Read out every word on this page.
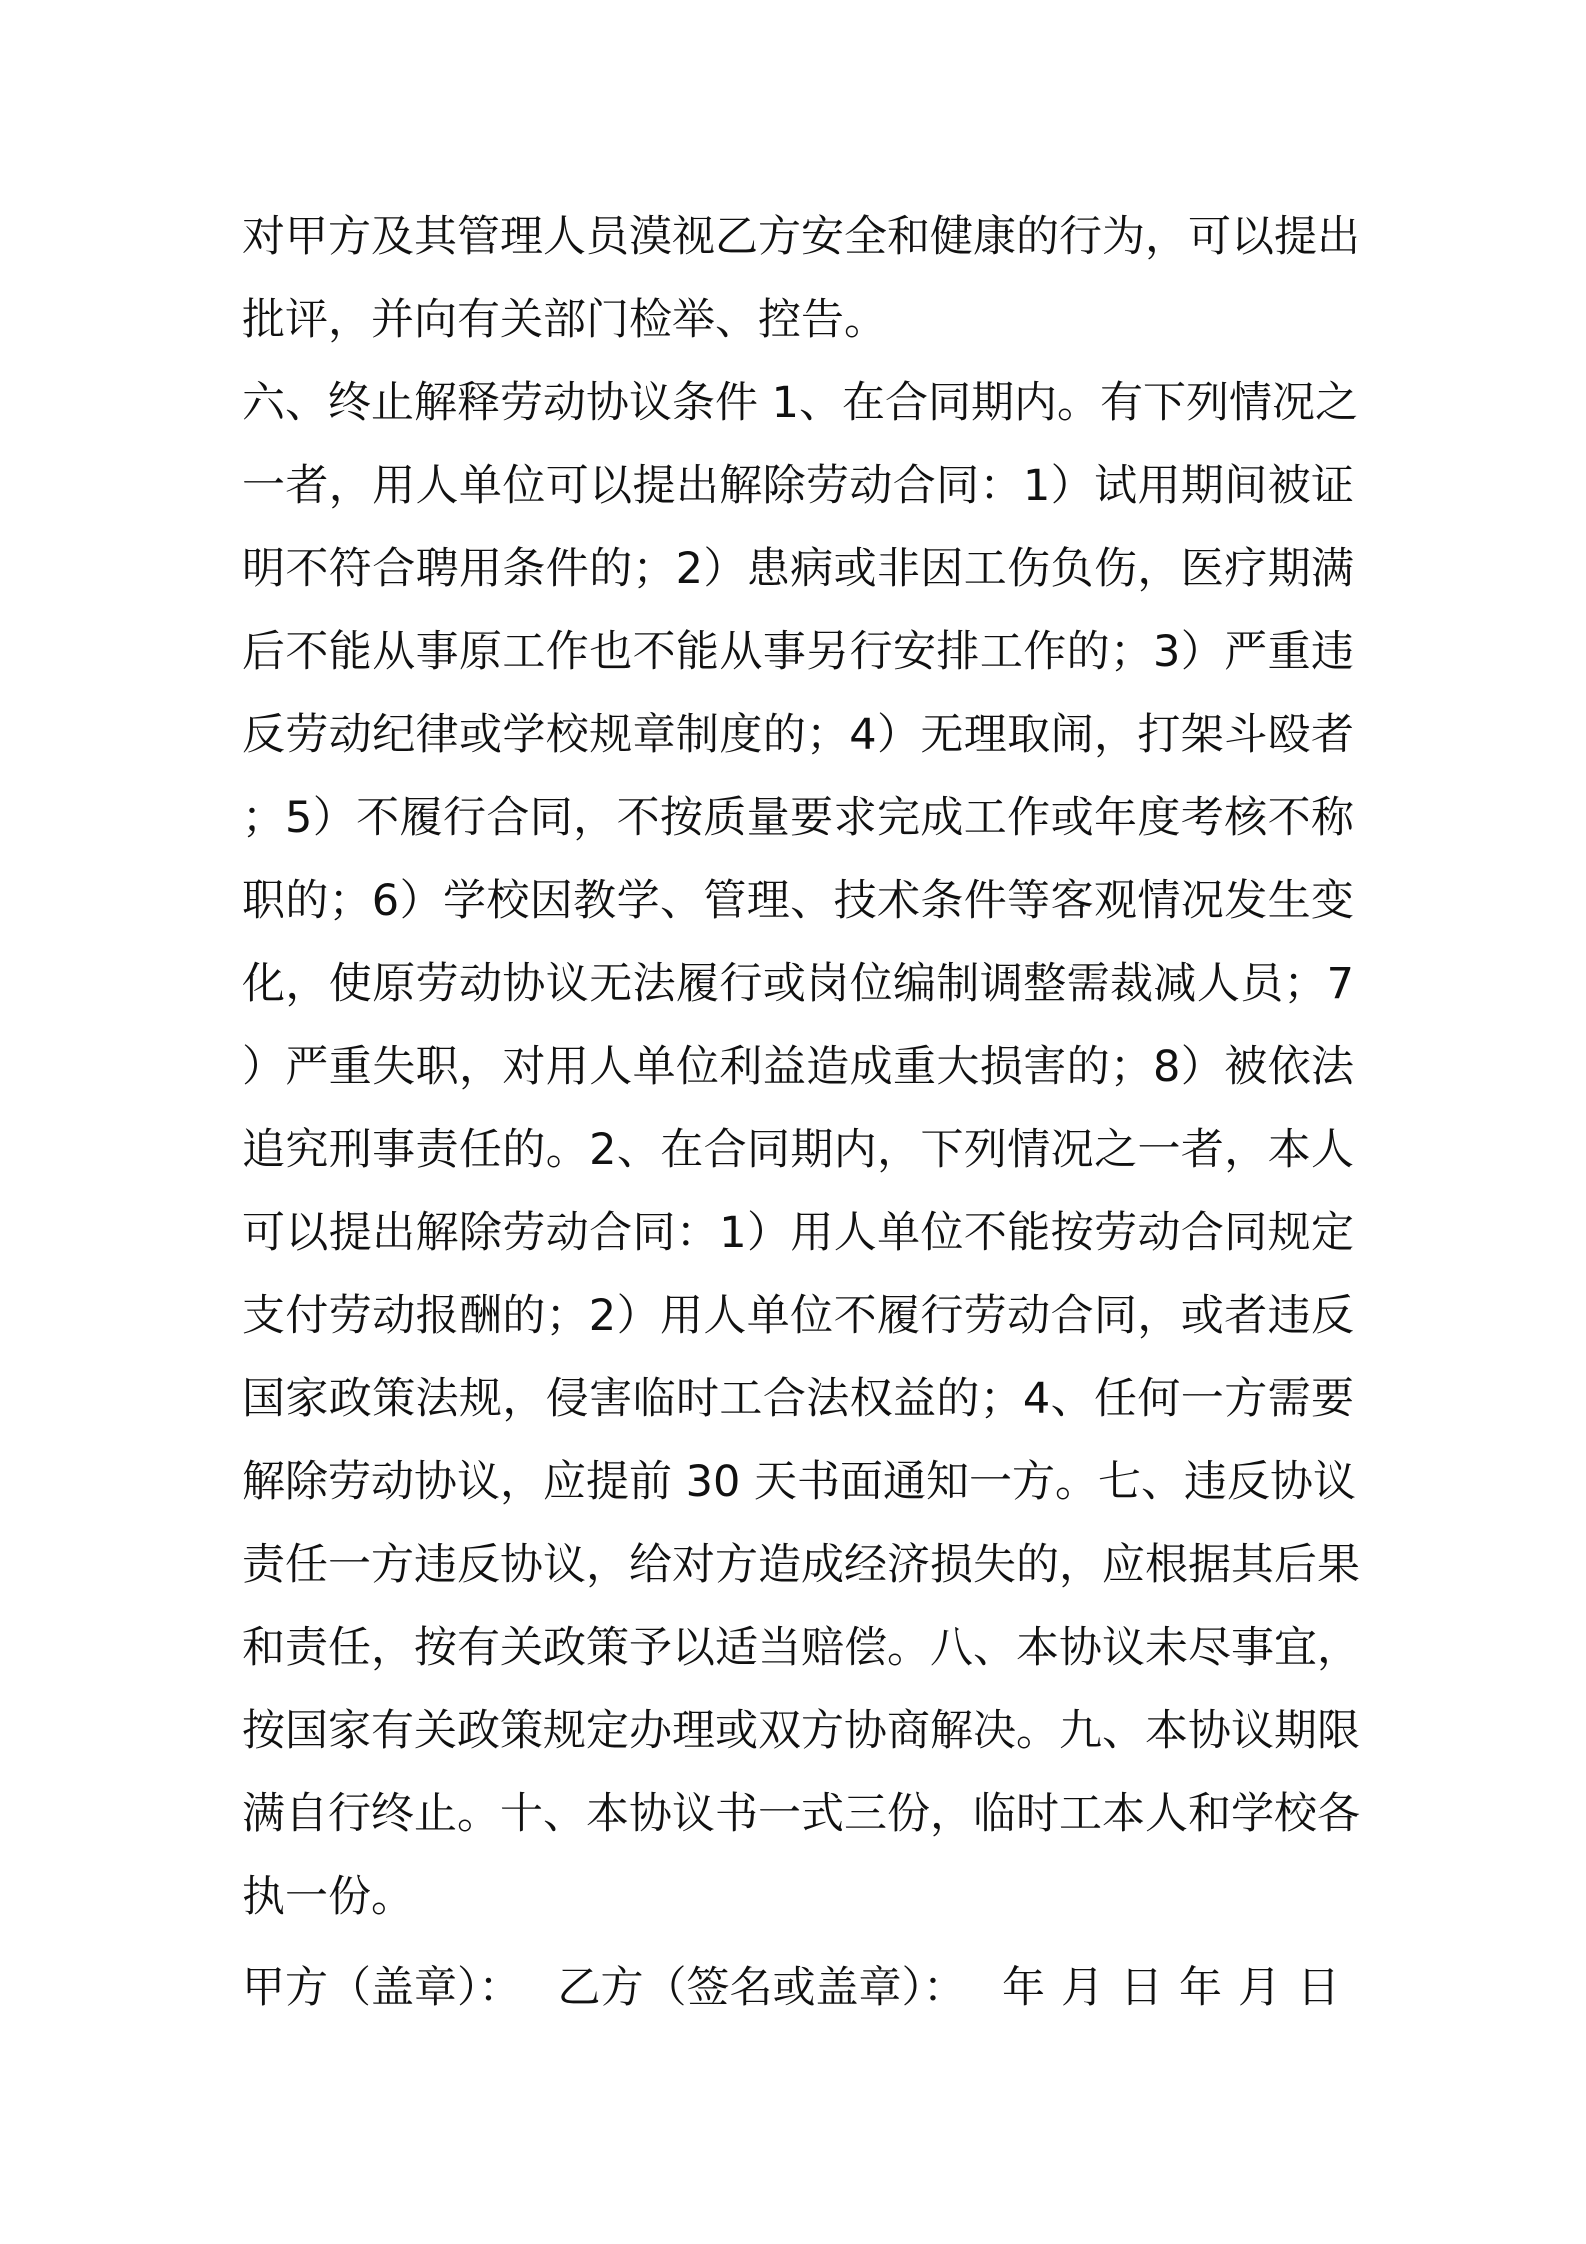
对甲方及其管理人员漠视乙方安全和健康的行为，可以提出
批评，并向有关部门检举、控告。
六、终止解释劳动协议条件 1、在合同期内。有下列情况之
一者，用人单位可以提出解除劳动合同：1）试用期间被证
明不符合聘用条件的；2）患病或非因工伤负伤，医疗期满
后不能从事原工作也不能从事另行安排工作的；3）严重违
反劳动纪律或学校规章制度的；4）无理取闹，打架斗殴者
；5）不履行合同，不按质量要求完成工作或年度考核不称
职的；6）学校因教学、管理、技术条件等客观情况发生变
化，使原劳动协议无法履行或岗位编制调整需裁减人员；7
）严重失职，对用人单位利益造成重大损害的；8）被依法
追究刑事责任的。2、在合同期内，下列情况之一者，本人
可以提出解除劳动合同：1）用人单位不能按劳动合同规定
支付劳动报酬的；2）用人单位不履行劳动合同，或者违反
国家政策法规，侵害临时工合法权益的；4、任何一方需要
解除劳动协议，应提前 30 天书面通知一方。七、违反协议
责任一方违反协议，给对方造成经济损失的，应根据其后果
和责任，按有关政策予以适当赔偿。八、本协议未尽事宜，
按国家有关政策规定办理或双方协商解决。九、本协议期限
满自行终止。十、本协议书一式三份，临时工本人和学校各
执一份。
甲方（盖章）： 乙方（签名或盖章）： 年 月 日 年 月 日
